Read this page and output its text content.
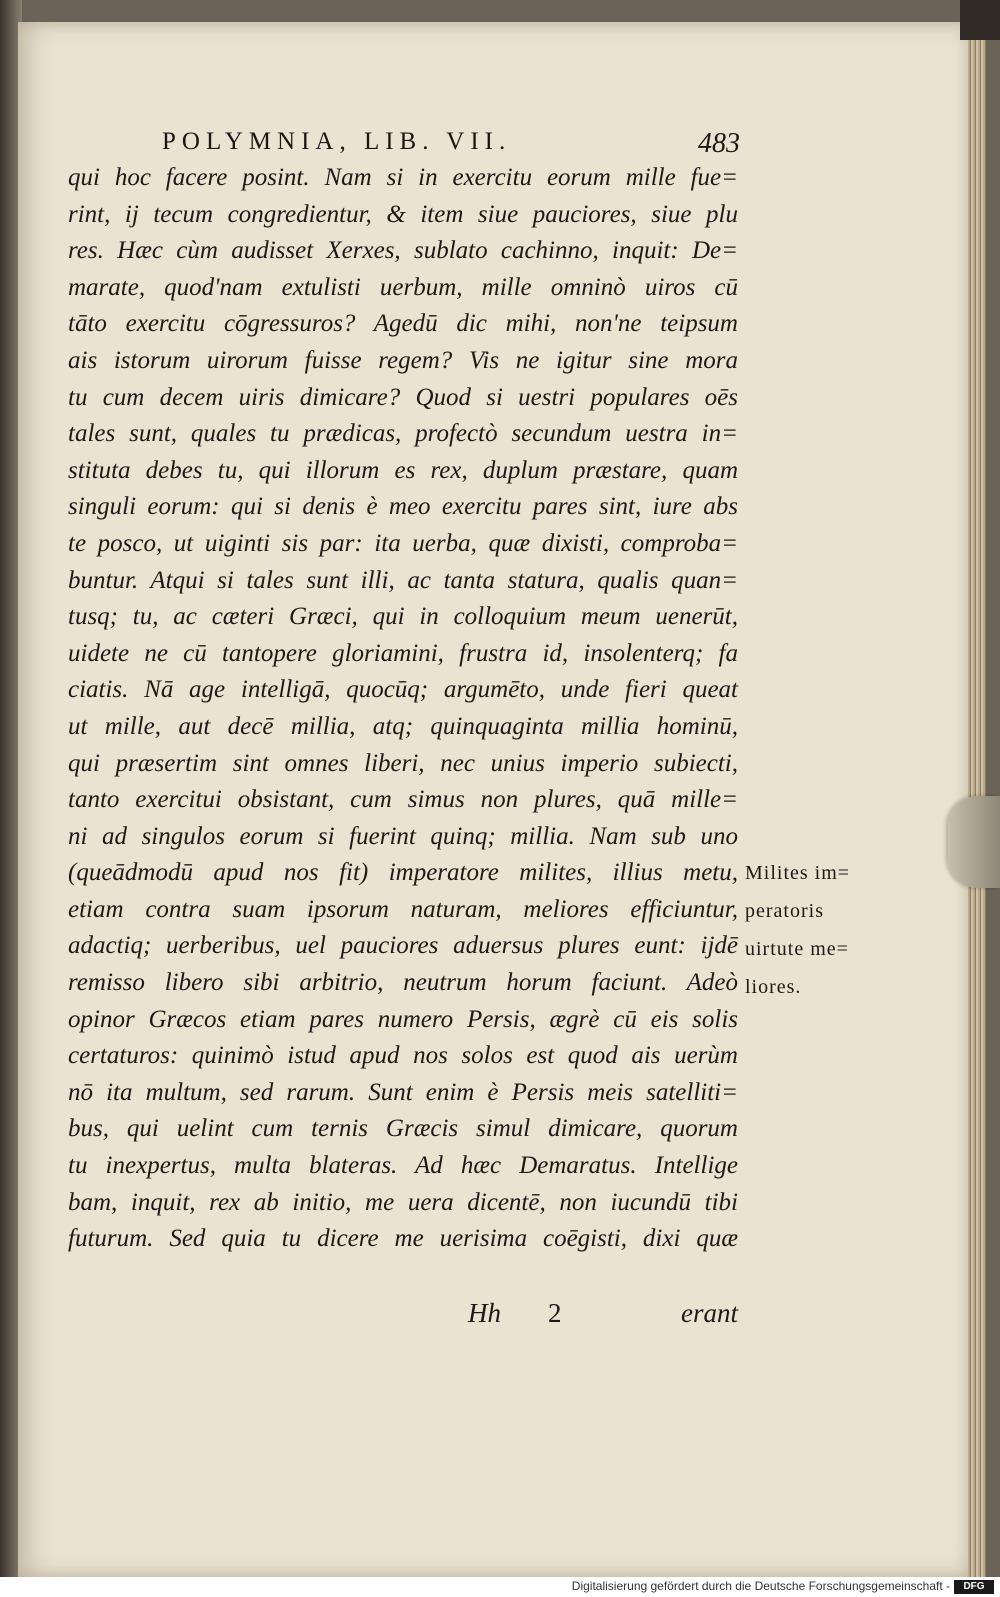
POLYMNIA, LIB. VII.	483
qui hoc facere posint. Nam si in exercitu eorum mille fue=
rint, ij tecum congredientur, & item siue pauciores, siue plu
res. Hæc cùm audisset Xerxes, sublato cachinno, inquit: De=
marate, quod'nam extulisti uerbum, mille omninò uiros cū
tāto exercitu cōgressuros? Agedū dic mihi, non'ne teipsum
ais istorum uirorum fuisse regem? Vis ne igitur sine mora
tu cum decem uiris dimicare? Quod si uestri populares oēs
tales sunt, quales tu prædicas, profectò secundum uestra in=
stituta debes tu, qui illorum es rex, duplum præstare, quam
singuli eorum: qui si denis è meo exercitu pares sint, iure abs
te posco, ut uiginti sis par: ita uerba, quæ dixisti, comproba=
buntur. Atqui si tales sunt illi, ac tanta statura, qualis quan=
tusq; tu, ac cæteri Græci, qui in colloquium meum uenerūt,
uidete ne cū tantopere gloriamini, frustra id, insolenterq; fa
ciatis. Nā age intelligā, quocūq; argumēto, unde fieri queat
ut mille, aut decē millia, atq; quinquaginta millia hominū,
qui præsertim sint omnes liberi, nec unius imperio subiecti,
tanto exercitui obsistant, cum simus non plures, quā mille=
ni ad singulos eorum si fuerint quinq; millia. Nam sub uno
(queādmodū apud nos fit) imperatore milites, illius metu,
etiam contra suam ipsorum naturam, meliores efficiuntur,
adactiq; uerberibus, uel pauciores aduersus plures eunt: ijdē
remisso libero sibi arbitrio, neutrum horum faciunt. Adeò
opinor Græcos etiam pares numero Persis, ægrè cū eis solis
certaturos: quinimò istud apud nos solos est quod ais uerùm
nō ita multum, sed rarum. Sunt enim è Persis meis satelliti=
bus, qui uelint cum ternis Græcis simul dimicare, quorum
tu inexpertus, multa blateras. Ad hæc Demaratus. Intellige
bam, inquit, rex ab initio, me uera dicentē, non iucundū tibi
futurum. Sed quia tu dicere me uerisima coēgisti, dixi quæ
Milites im=
peratoris
uirtute me=
liores.
Hh 2	erant
Digitalisierung gefördert durch die Deutsche Forschungsgemeinschaft -	DFG
